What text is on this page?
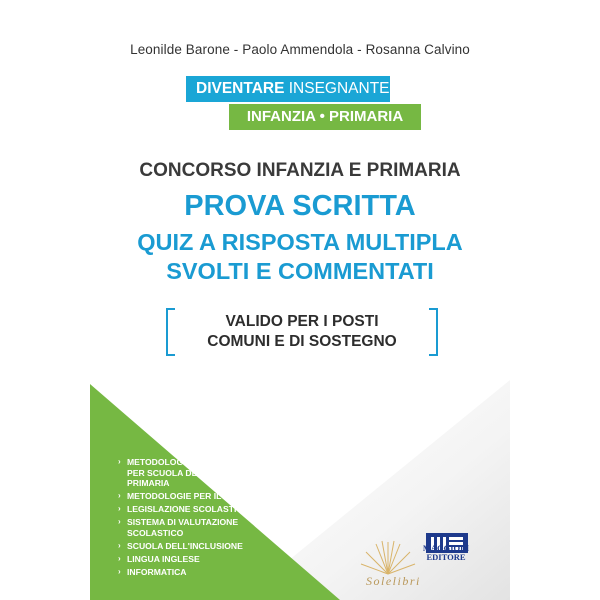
Leonilde Barone - Paolo Ammendola - Rosanna Calvino
DIVENTARE INSEGNANTE
INFANZIA • PRIMARIA
CONCORSO INFANZIA E PRIMARIA
PROVA SCRITTA
QUIZ A RISPOSTA MULTIPLA
SVOLTI E COMMENTATI
VALIDO PER I POSTI
COMUNI E DI SOSTEGNO
› METODOLOGIE DELLA DIDATTICA PER SCUOLA DELL'INFANZIA E PRIMARIA
› METODOLOGIE PER IL SOSTEGNO
› LEGISLAZIONE SCOLASTICA
› SISTEMA DI VALUTAZIONE SCOLASTICO
› SCUOLA DELL'INCLUSIONE
› LINGUA INGLESE
› INFORMATICA
Solelibri
MAGGIOLI
EDITORE
